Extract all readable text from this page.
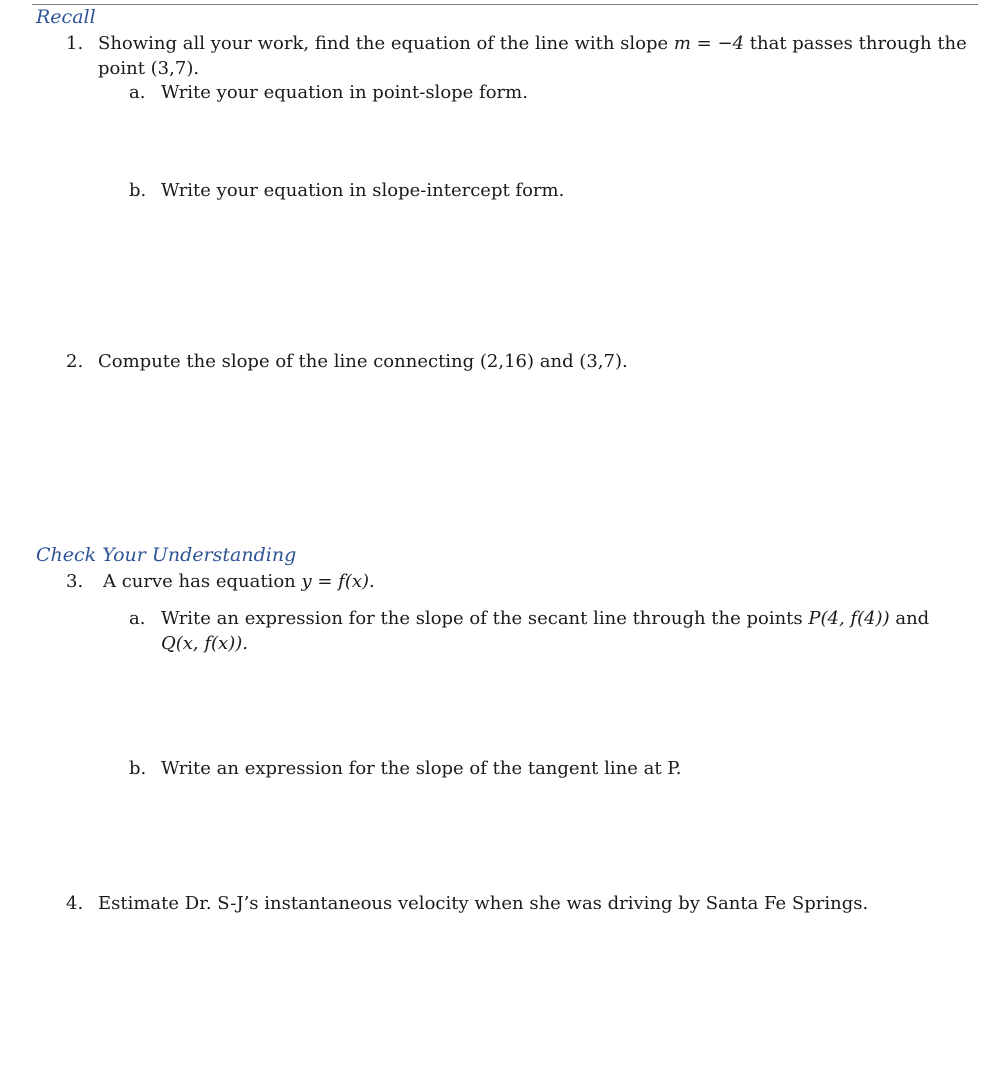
Recall
1. Showing all your work, find the equation of the line with slope m = −4 that passes through the
point (3,7).
a. Write your equation in point-slope form.
b. Write your equation in slope-intercept form.
2. Compute the slope of the line connecting (2,16) and (3,7).
Check Your Understanding
3. A curve has equation y = f(x).
a. Write an expression for the slope of the secant line through the points P(4, f(4)) and
Q(x, f(x)).
b. Write an expression for the slope of the tangent line at P.
4. Estimate Dr. S-J’s instantaneous velocity when she was driving by Santa Fe Springs.
